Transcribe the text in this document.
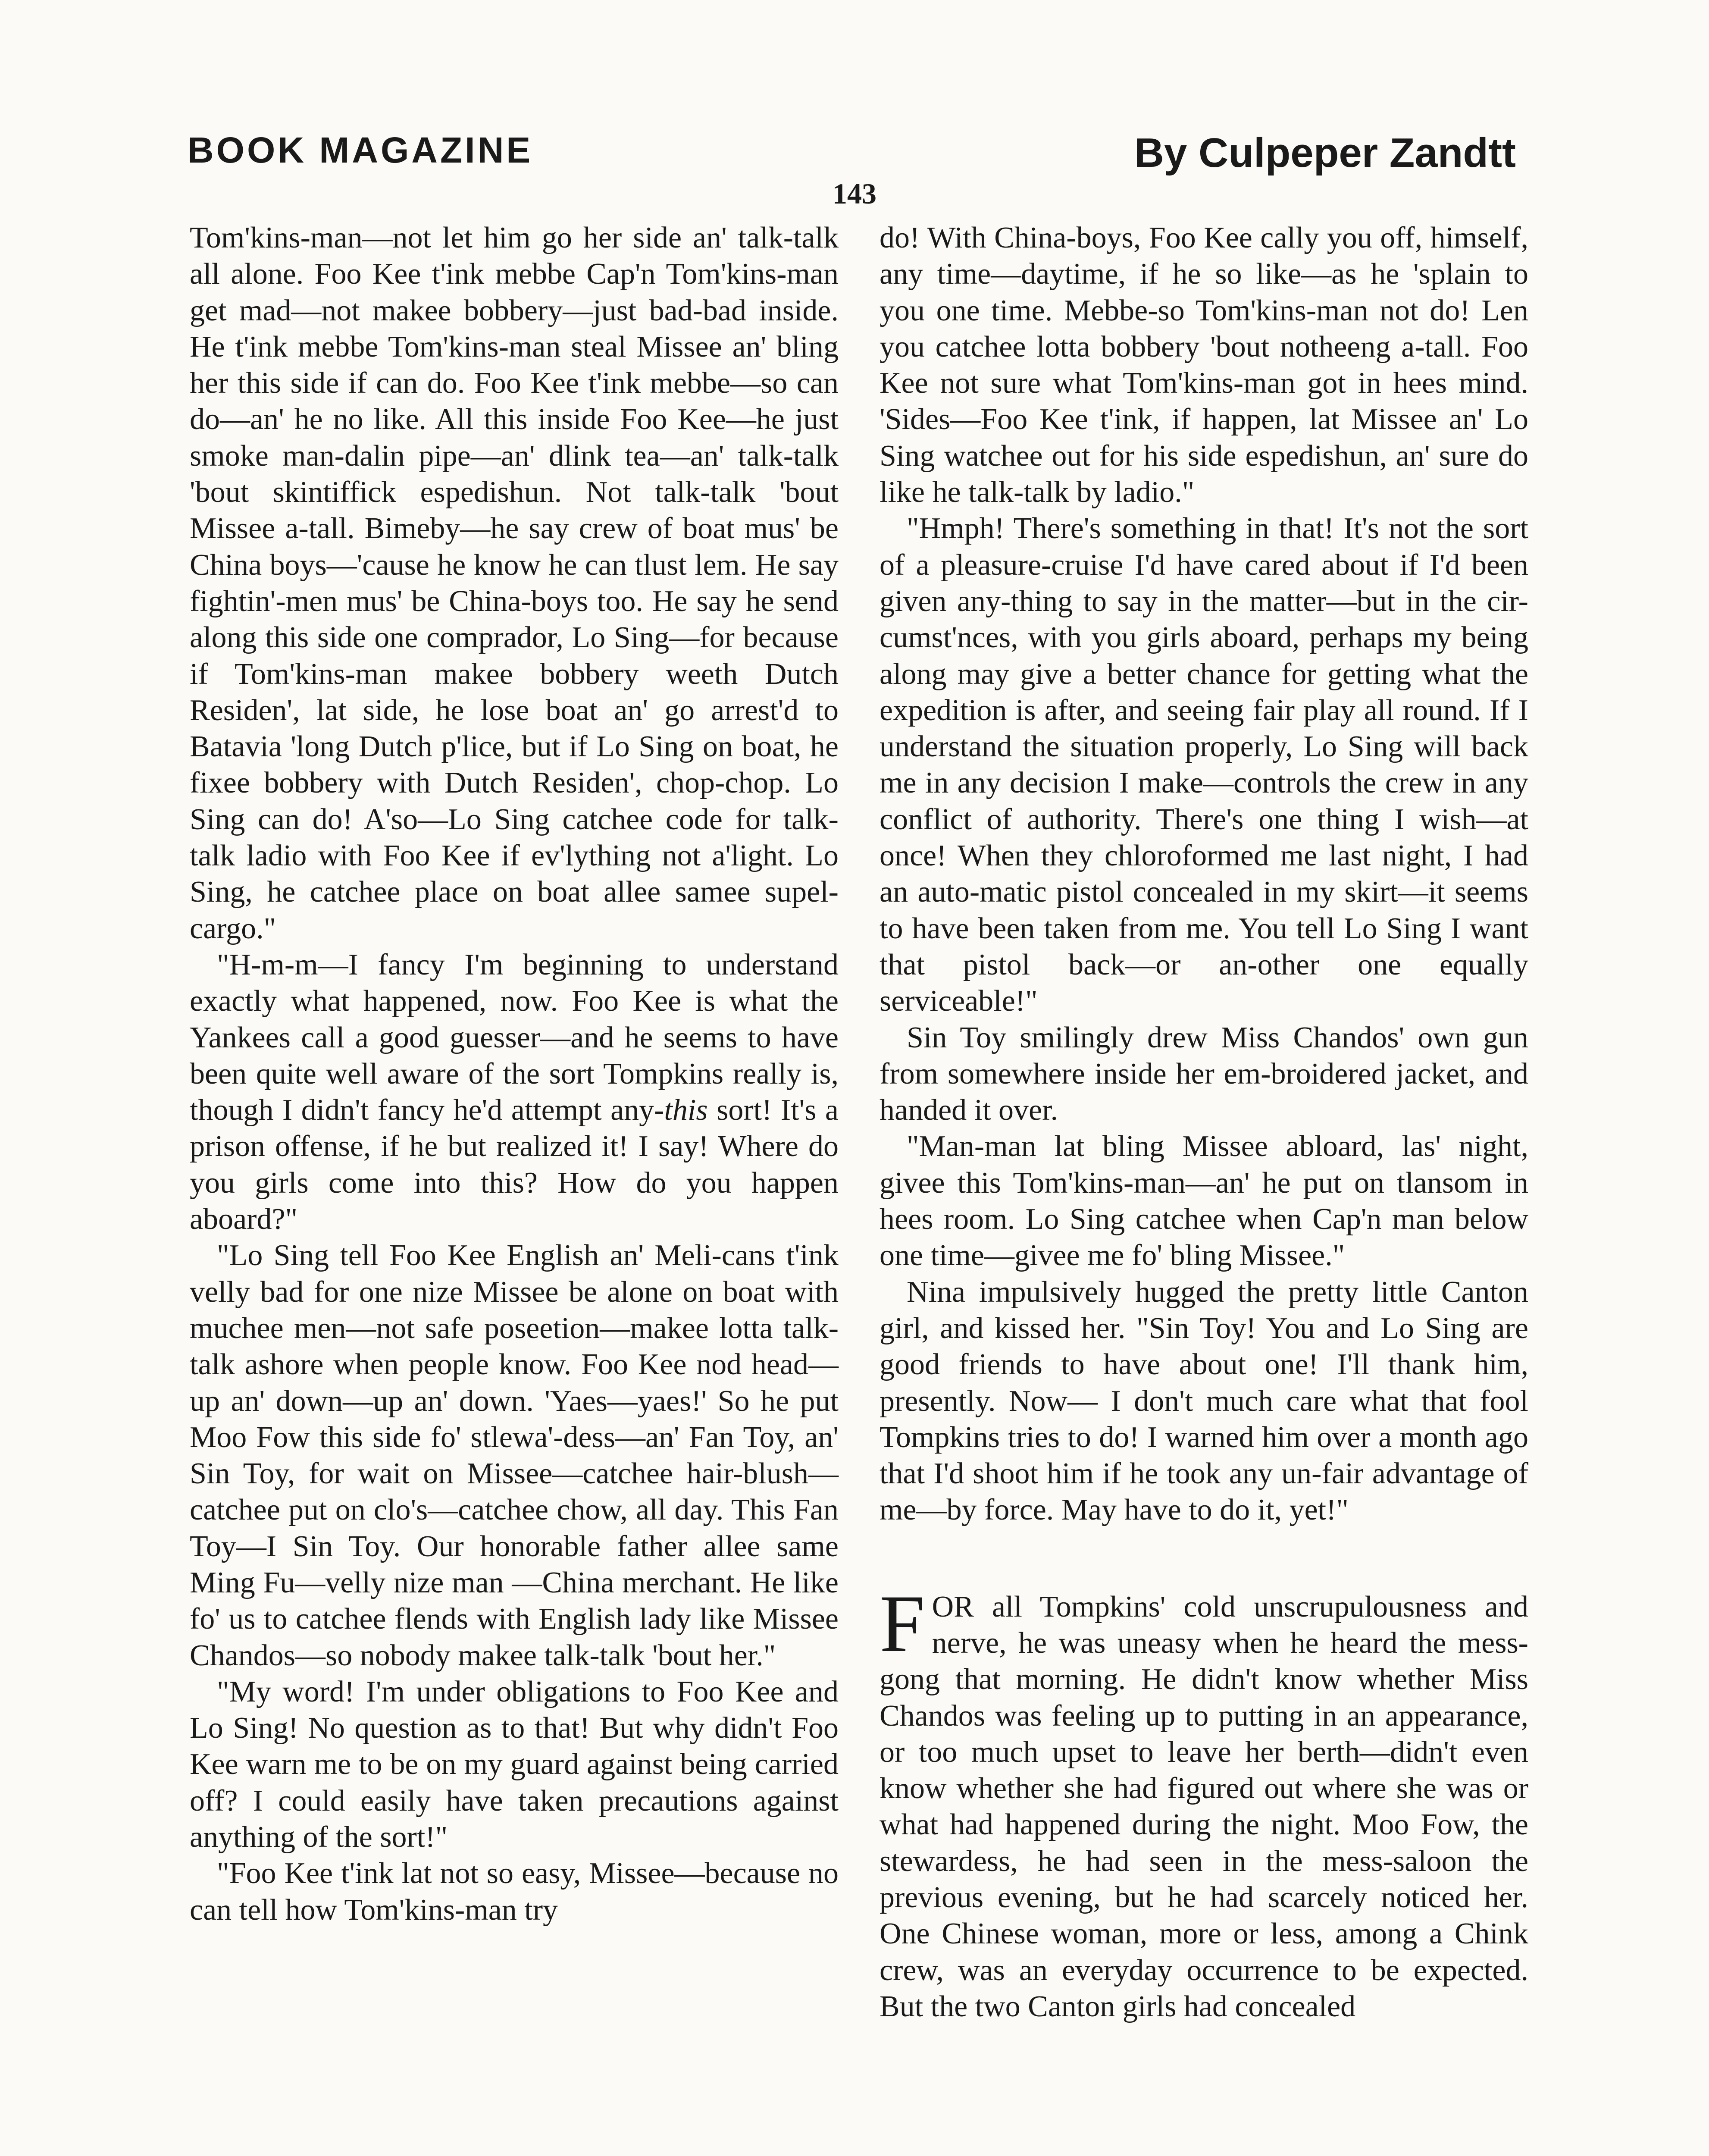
BOOK MAGAZINE	By Culpeper Zandtt
143

Tom'kins-man—not let him go her side an' talk-talk all alone. Foo Kee t'ink mebbe Cap'n Tom'kins-man get mad—not makee bobbery—just bad-bad inside. He t'ink mebbe Tom'kins-man steal Missee an' bling her this side if can do. Foo Kee t'ink mebbe—so can do—an' he no like. All this inside Foo Kee—he just smoke man-dalin pipe—an' dlink tea—an' talk-talk 'bout skintiffick espedishun. Not talk-talk 'bout Missee a-tall. Bimeby—he say crew of boat mus' be China boys—'cause he know he can tlust lem. He say fightin'-men mus' be China-boys too. He say he send along this side one comprador, Lo Sing—for because if Tom'kins-man makee bobbery weeth Dutch Residen', lat side, he lose boat an' go arrest'd to Batavia 'long Dutch p'lice, but if Lo Sing on boat, he fixee bobbery with Dutch Residen', chop-chop. Lo Sing can do! A'so—Lo Sing catchee code for talk-talk ladio with Foo Kee if ev'lything not a'light. Lo Sing, he catchee place on boat allee samee supel-cargo."

"H-m-m—I fancy I'm beginning to understand exactly what happened, now. Foo Kee is what the Yankees call a good guesser—and he seems to have been quite well aware of the sort Tompkins really is, though I didn't fancy he'd attempt any-this sort! It's a prison offense, if he but realized it! I say! Where do you girls come into this? How do you happen aboard?"

"Lo Sing tell Foo Kee English an' Meli-cans t'ink velly bad for one nize Missee be alone on boat with muchee men—not safe poseetion—makee lotta talk-talk ashore when people know. Foo Kee nod head—up an' down—up an' down. 'Yaes—yaes!' So he put Moo Fow this side fo' stlewa'-dess—an' Fan Toy, an' Sin Toy, for wait on Missee—catchee hair-blush—catchee put on clo's—catchee chow, all day. This Fan Toy—I Sin Toy. Our honorable father allee same Ming Fu—velly nize man —China merchant. He like fo' us to catchee flends with English lady like Missee Chandos—so nobody makee talk-talk 'bout her."

"My word! I'm under obligations to Foo Kee and Lo Sing! No question as to that! But why didn't Foo Kee warn me to be on my guard against being carried off? I could easily have taken precautions against anything of the sort!"

"Foo Kee t'ink lat not so easy, Missee—because no can tell how Tom'kins-man try

do! With China-boys, Foo Kee cally you off, himself, any time—daytime, if he so like—as he 'splain to you one time. Mebbe-so Tom'kins-man not do! Len you catchee lotta bobbery 'bout notheeng a-tall. Foo Kee not sure what Tom'kins-man got in hees mind. 'Sides—Foo Kee t'ink, if happen, lat Missee an' Lo Sing watchee out for his side espedishun, an' sure do like he talk-talk by ladio."

"Hmph! There's something in that! It's not the sort of a pleasure-cruise I'd have cared about if I'd been given any-thing to say in the matter—but in the cir-cumst'nces, with you girls aboard, perhaps my being along may give a better chance for getting what the expedition is after, and seeing fair play all round. If I understand the situation properly, Lo Sing will back me in any decision I make—controls the crew in any conflict of authority. There's one thing I wish—at once! When they chloroformed me last night, I had an auto-matic pistol concealed in my skirt—it seems to have been taken from me. You tell Lo Sing I want that pistol back—or an-other one equally serviceable!"

Sin Toy smilingly drew Miss Chandos' own gun from somewhere inside her em-broidered jacket, and handed it over.

"Man-man lat bling Missee abloard, las' night, givee this Tom'kins-man—an' he put on tlansom in hees room. Lo Sing catchee when Cap'n man below one time—givee me fo' bling Missee."

Nina impulsively hugged the pretty little Canton girl, and kissed her. "Sin Toy! You and Lo Sing are good friends to have about one! I'll thank him, presently. Now— I don't much care what that fool Tompkins tries to do! I warned him over a month ago that I'd shoot him if he took any un-fair advantage of me—by force. May have to do it, yet!"

FOR all Tompkins' cold unscrupulousness and nerve, he was uneasy when he heard the mess-gong that morning. He didn't know whether Miss Chandos was feeling up to putting in an appearance, or too much upset to leave her berth—didn't even know whether she had figured out where she was or what had happened during the night. Moo Fow, the stewardess, he had seen in the mess-saloon the previous evening, but he had scarcely noticed her. One Chinese woman, more or less, among a Chink crew, was an everyday occurrence to be expected. But the two Canton girls had concealed
